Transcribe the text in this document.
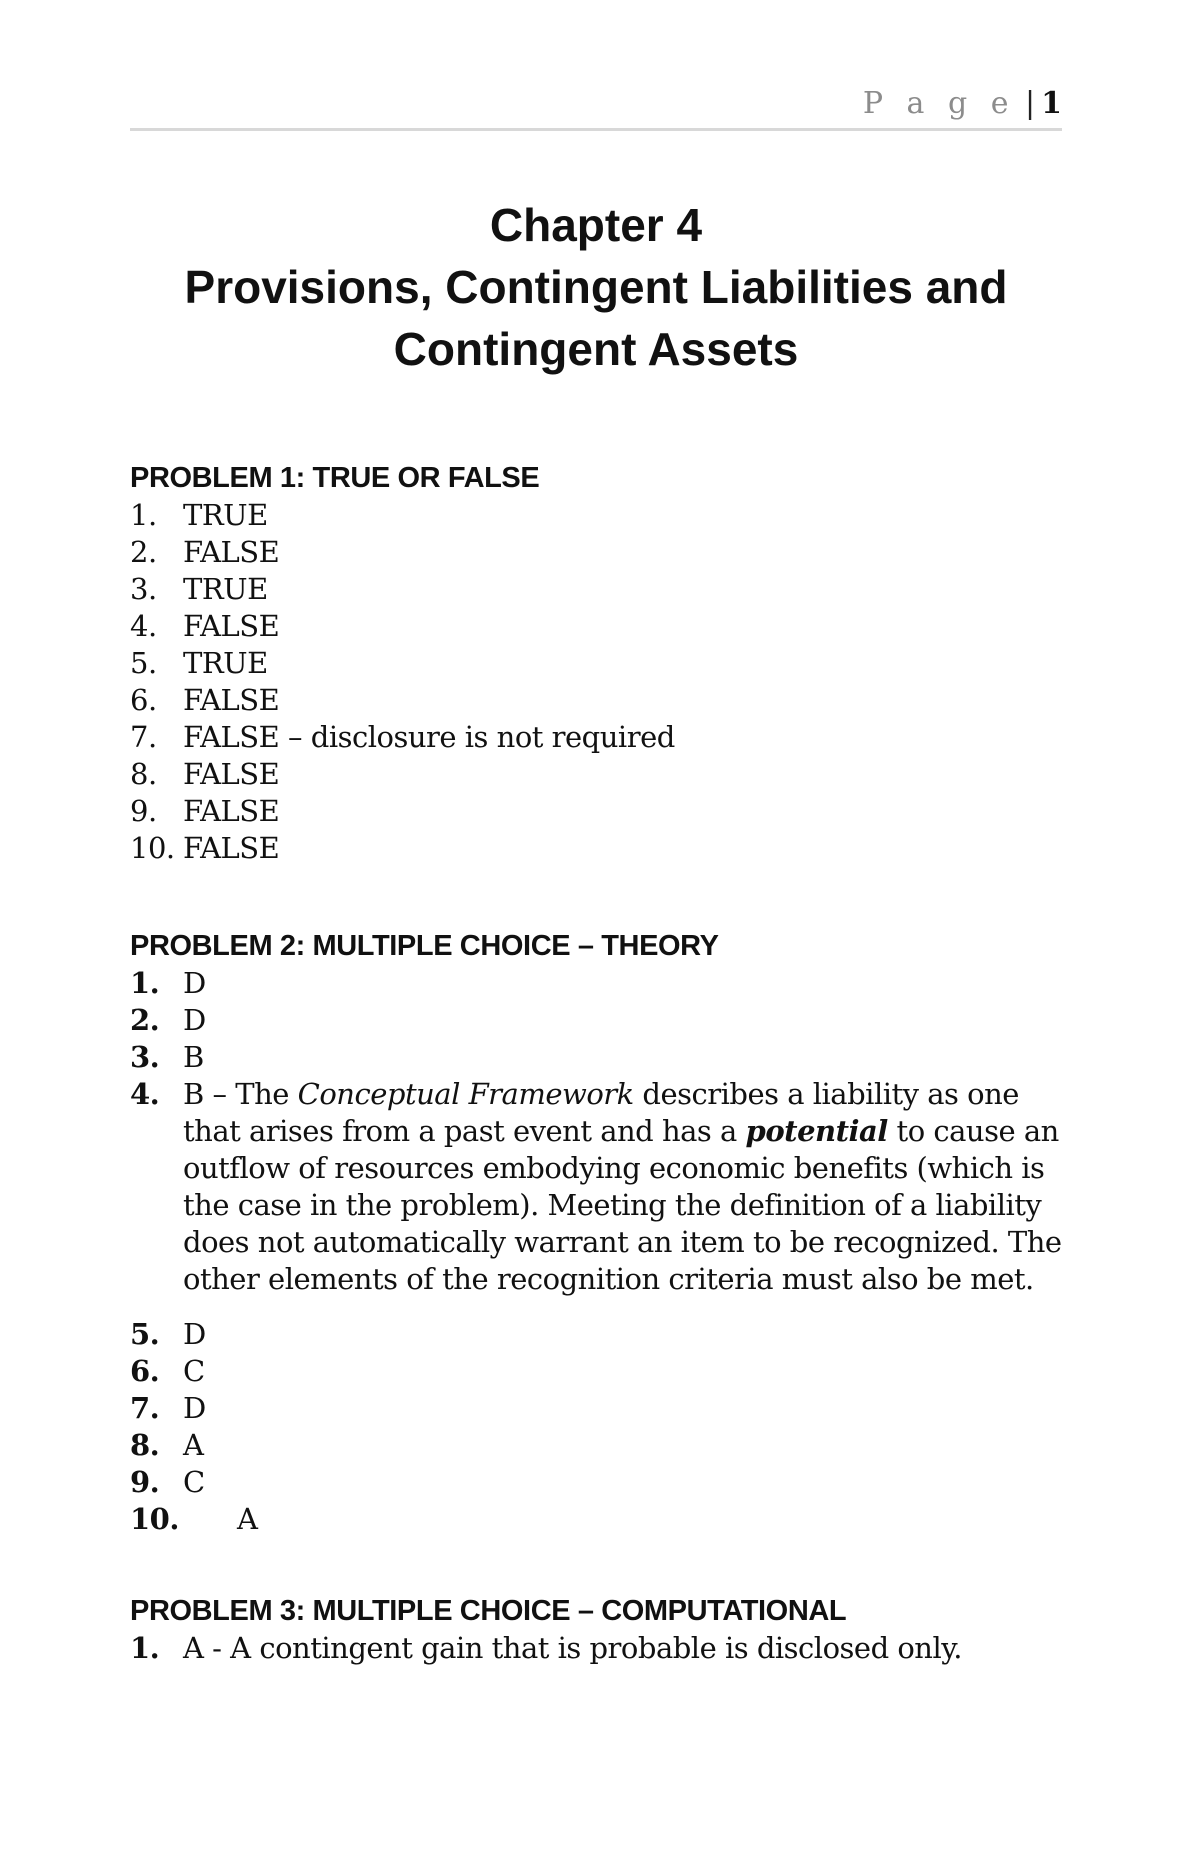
P a g e | 1
Chapter 4
Provisions, Contingent Liabilities and
Contingent Assets
PROBLEM 1: TRUE OR FALSE
1. TRUE
2. FALSE
3. TRUE
4. FALSE
5. TRUE
6. FALSE
7. FALSE – disclosure is not required
8. FALSE
9. FALSE
10. FALSE
PROBLEM 2: MULTIPLE CHOICE – THEORY
1. D
2. D
3. B
4. B – The Conceptual Framework describes a liability as one that arises from a past event and has a potential to cause an outflow of resources embodying economic benefits (which is the case in the problem). Meeting the definition of a liability does not automatically warrant an item to be recognized. The other elements of the recognition criteria must also be met.
5. D
6. C
7. D
8. A
9. C
10.	A
PROBLEM 3: MULTIPLE CHOICE – COMPUTATIONAL
1. A - A contingent gain that is probable is disclosed only.
